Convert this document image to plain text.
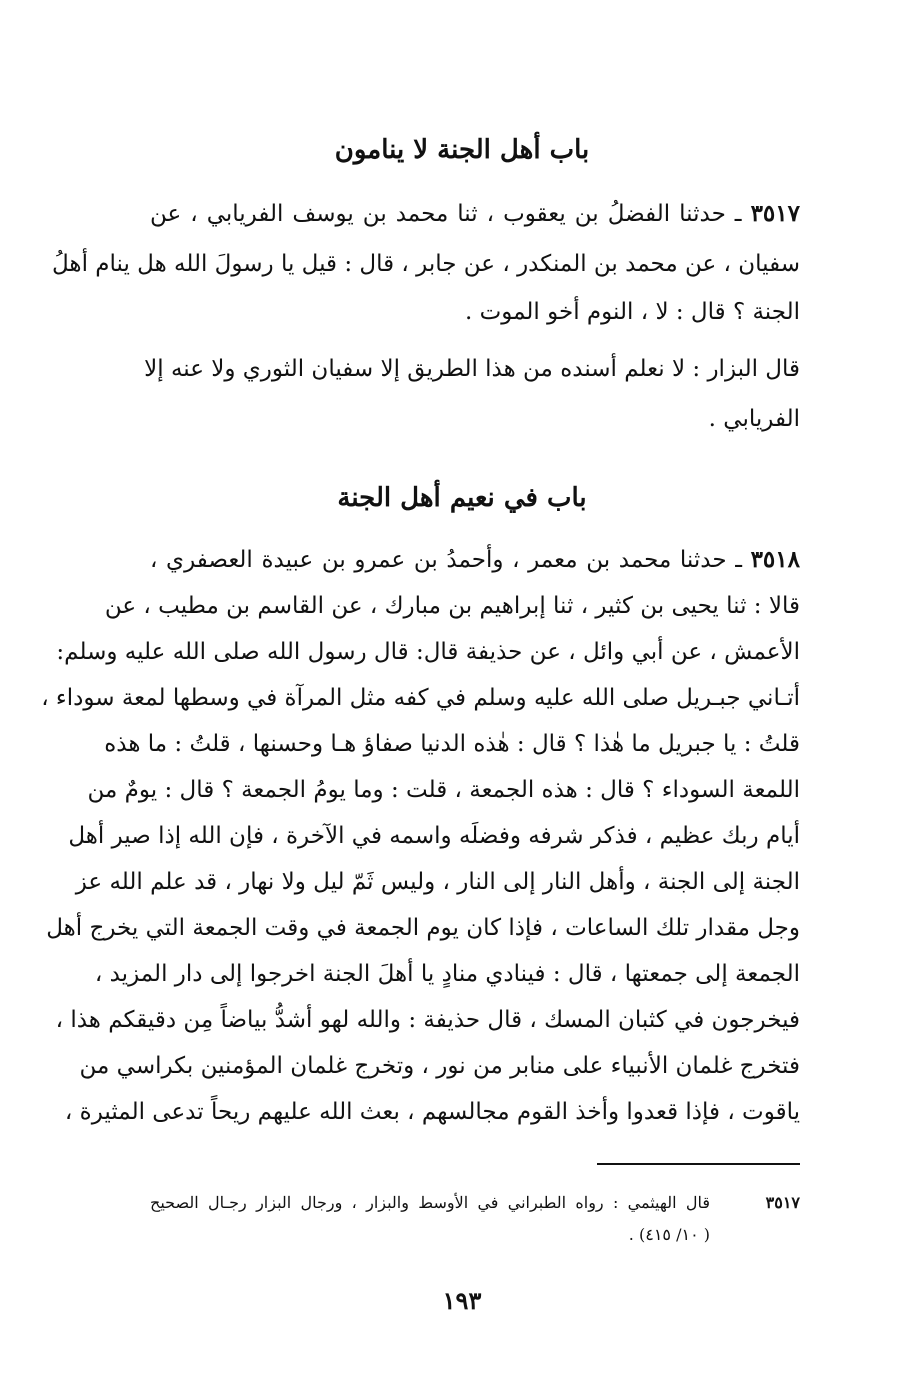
باب أهل الجنة لا ينامون
٣٥١٧ ـ حدثنا الفضلُ بن يعقوب ، ثنا محمد بن يوسف الفريابي ، عن
سفيان ، عن محمد بن المنكدر ، عن جابر ، قال : قيل يا رسولَ الله هل ينام أهلُ
الجنة ؟ قال : لا ، النوم أخو الموت .
قال البزار : لا نعلم أسنده من هذا الطريق إلا سفيان الثوري ولا عنه إلا
الفريابي .
باب في نعيم أهل الجنة
٣٥١٨ ـ حدثنا محمد بن معمر ، وأحمدُ بن عمرو بن عبيدة العصفري ،
قالا : ثنا يحيى بن كثير ، ثنا إبراهيم بن مبارك ، عن القاسم بن مطيب ، عن
الأعمش ، عن أبي وائل ، عن حذيفة قال: قال رسول الله صلى الله عليه وسلم:
أتـاني جبـريل صلى الله عليه وسلم في كفه مثل المرآة في وسطها لمعة سوداء ،
قلتُ : يا جبريل ما هٰذا ؟ قال : هٰذه الدنيا صفاؤ هـا وحسنها ، قلتُ : ما هذه
اللمعة السوداء ؟ قال : هذه الجمعة ، قلت : وما يومُ الجمعة ؟ قال : يومٌ من
أيام ربك عظيم ، فذكر شرفه وفضلَه واسمه في الآخرة ، فإن الله إذا صير أهل
الجنة إلى الجنة ، وأهل النار إلى النار ، وليس ثَمّ ليل ولا نهار ، قد علم الله عز
وجل مقدار تلك الساعات ، فإذا كان يوم الجمعة في وقت الجمعة التي يخرج أهل
الجمعة إلى جمعتها ، قال : فينادي منادٍ يا أهلَ الجنة اخرجوا إلى دار المزيد ،
فيخرجون في كثبان المسك ، قال حذيفة : والله لهو أشدُّ بياضاً مِن دقيقكم هذا ،
فتخرج غلمان الأنبياء على منابر من نور ، وتخرج غلمان المؤمنين بكراسي من
ياقوت ، فإذا قعدوا وأخذ القوم مجالسهم ، بعث الله عليهم ريحاً تدعى المثيرة ،
٣٥١٧
قال الهيثمي : رواه الطبراني في الأوسط والبزار ، ورجال البزار رجـال الصحيح
( ١٠/ ٤١٥) .
١٩٣
